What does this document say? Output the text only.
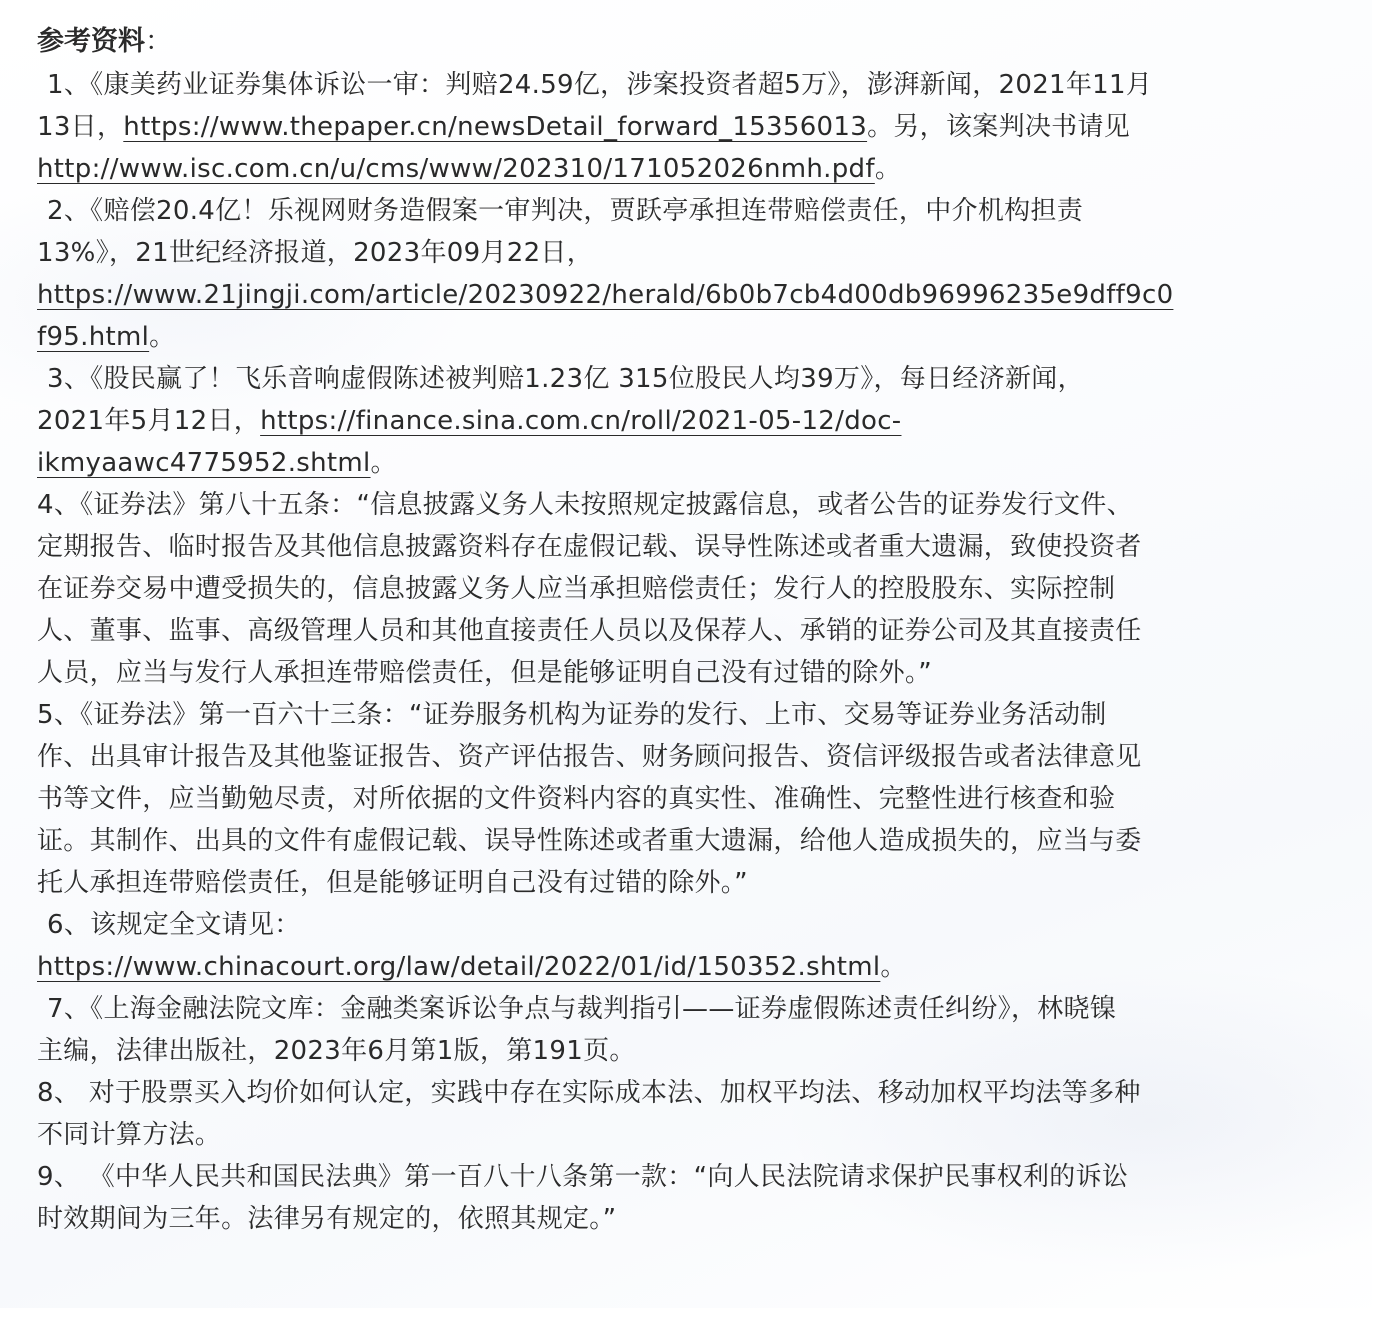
参考资料：
1、《康美药业证券集体诉讼一审：判赔24.59亿，涉案投资者超5万》，澎湃新闻，2021年11月
13日，https://www.thepaper.cn/newsDetail_forward_15356013。另，该案判决书请见
http://www.isc.com.cn/u/cms/www/202310/171052026nmh.pdf。
2、《赔偿20.4亿！乐视网财务造假案一审判决，贾跃亭承担连带赔偿责任，中介机构担责
13%》，21世纪经济报道，2023年09月22日，
https://www.21jingji.com/article/20230922/herald/6b0b7cb4d00db96996235e9dff9c0
f95.html。
3、《股民赢了！飞乐音响虚假陈述被判赔1.23亿 315位股民人均39万》，每日经济新闻，
2021年5月12日，https://finance.sina.com.cn/roll/2021-05-12/doc-
ikmyaawc4775952.shtml。
4、《证券法》第八十五条：“信息披露义务人未按照规定披露信息，或者公告的证券发行文件、
定期报告、临时报告及其他信息披露资料存在虚假记载、误导性陈述或者重大遗漏，致使投资者
在证券交易中遭受损失的，信息披露义务人应当承担赔偿责任；发行人的控股股东、实际控制
人、董事、监事、高级管理人员和其他直接责任人员以及保荐人、承销的证券公司及其直接责任
人员，应当与发行人承担连带赔偿责任，但是能够证明自己没有过错的除外。”
5、《证券法》第一百六十三条：“证券服务机构为证券的发行、上市、交易等证券业务活动制
作、出具审计报告及其他鉴证报告、资产评估报告、财务顾问报告、资信评级报告或者法律意见
书等文件，应当勤勉尽责，对所依据的文件资料内容的真实性、准确性、完整性进行核查和验
证。其制作、出具的文件有虚假记载、误导性陈述或者重大遗漏，给他人造成损失的，应当与委
托人承担连带赔偿责任，但是能够证明自己没有过错的除外。”
6、该规定全文请见：
https://www.chinacourt.org/law/detail/2022/01/id/150352.shtml。
7、《上海金融法院文库：金融类案诉讼争点与裁判指引——证券虚假陈述责任纠纷》，林晓镍
主编，法律出版社，2023年6月第1版，第191页。
8、 对于股票买入均价如何认定，实践中存在实际成本法、加权平均法、移动加权平均法等多种
不同计算方法。
9、 《中华人民共和国民法典》第一百八十八条第一款：“向人民法院请求保护民事权利的诉讼
时效期间为三年。法律另有规定的，依照其规定。”
